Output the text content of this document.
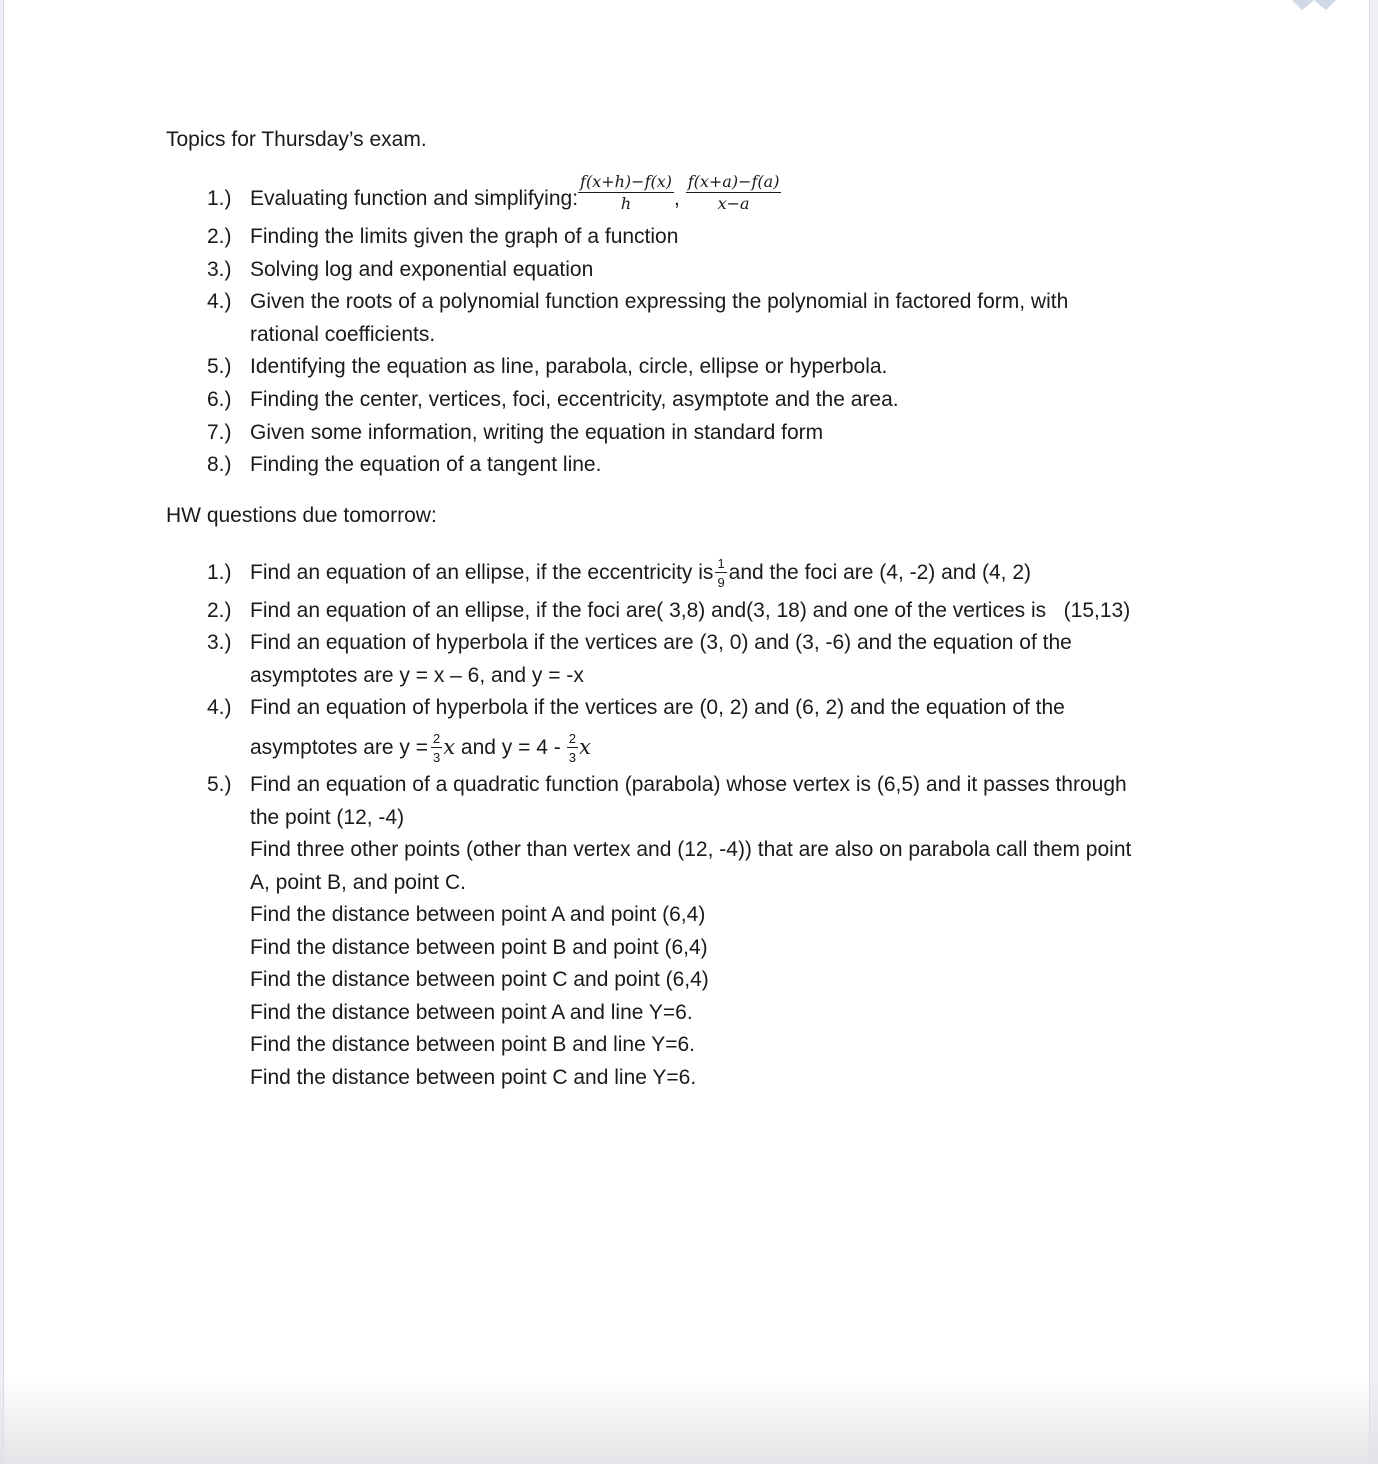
Topics for Thursday’s exam.
1.) Evaluating function and simplifying: $\frac{f(x+h)-f(x)}{h}$ , $\frac{f(x+a)-f(a)}{x-a}$
2.) Finding the limits given the graph of a function
3.) Solving log and exponential equation
4.) Given the roots of a polynomial function expressing the polynomial in factored form, with
rational coefficients.
5.) Identifying the equation as line, parabola, circle, ellipse or hyperbola.
6.) Finding the center, vertices, foci, eccentricity, asymptote and the area.
7.) Given some information, writing the equation in standard form
8.) Finding the equation of a tangent line.
HW questions due tomorrow:
1.) Find an equation of an ellipse, if the eccentricity is $\frac{1}{9}$ and the foci are (4, -2) and (4, 2)
2.) Find an equation of an ellipse, if the foci are( 3,8) and(3, 18) and one of the vertices is   (15,13)
3.) Find an equation of hyperbola if the vertices are (3, 0) and (3, -6) and the equation of the
asymptotes are y = x – 6, and y = -x
4.) Find an equation of hyperbola if the vertices are (0, 2) and (6, 2) and the equation of the
asymptotes are $y = \frac{2}{3}$ x and $y = 4 - \frac{2}{3}$ x
5.) Find an equation of a quadratic function (parabola) whose vertex is (6,5) and it passes through
the point (12, -4)
Find three other points (other than vertex and (12, -4)) that are also on parabola call them point
A, point B, and point C.
Find the distance between point A and point (6,4)
Find the distance between point B and point (6,4)
Find the distance between point C and point (6,4)
Find the distance between point A and line Y=6.
Find the distance between point B and line Y=6.
Find the distance between point C and line Y=6.
